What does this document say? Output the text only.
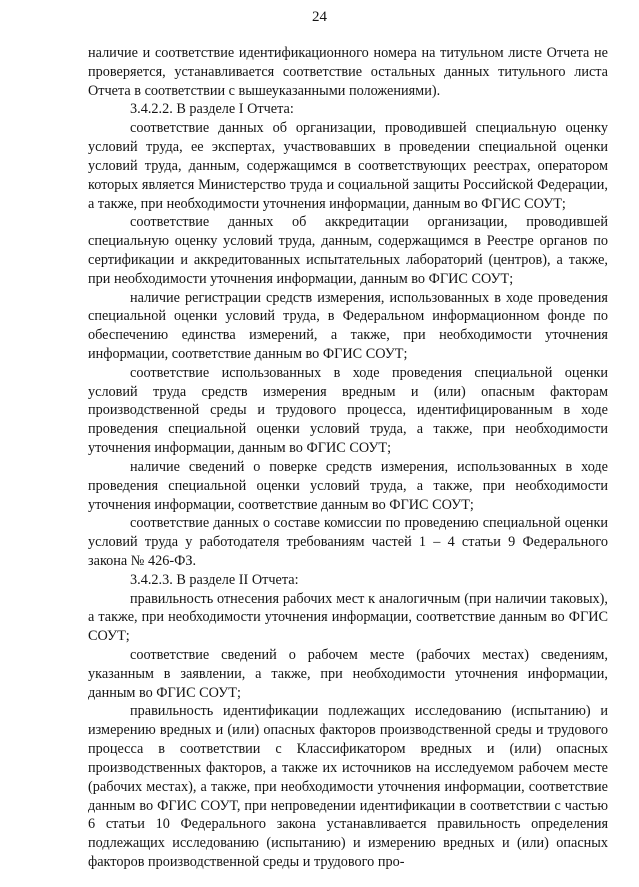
24

наличие и соответствие идентификационного номера на титульном листе Отчета не проверяется, устанавливается соответствие остальных данных титульного листа Отчета в соответствии с вышеуказанными положениями).

3.4.2.2. В разделе I Отчета:

соответствие данных об организации, проводившей специальную оценку условий труда, ее экспертах, участвовавших в проведении специальной оценки условий труда, данным, содержащимся в соответствующих реестрах, оператором которых является Министерство труда и социальной защиты Российской Федерации, а также, при необходимости уточнения информации, данным во ФГИС СОУТ;

соответствие данных об аккредитации организации, проводившей специальную оценку условий труда, данным, содержащимся в Реестре органов по сертификации и аккредитованных испытательных лабораторий (центров), а также, при необходимости уточнения информации, данным во ФГИС СОУТ;

наличие регистрации средств измерения, использованных в ходе проведения специальной оценки условий труда, в Федеральном информационном фонде по обеспечению единства измерений, а также, при необходимости уточнения информации, соответствие данным во ФГИС СОУТ;

соответствие использованных в ходе проведения специальной оценки условий труда средств измерения вредным и (или) опасным факторам производственной среды и трудового процесса, идентифицированным в ходе проведения специальной оценки условий труда, а также, при необходимости уточнения информации, данным во ФГИС СОУТ;

наличие сведений о поверке средств измерения, использованных в ходе проведения специальной оценки условий труда, а также, при необходимости уточнения информации, соответствие данным во ФГИС СОУТ;

соответствие данных о составе комиссии по проведению специальной оценки условий труда у работодателя требованиям частей 1 – 4 статьи 9 Федерального закона № 426-ФЗ.

3.4.2.3. В разделе II Отчета:

правильность отнесения рабочих мест к аналогичным (при наличии таковых), а также, при необходимости уточнения информации, соответствие данным во ФГИС СОУТ;

соответствие сведений о рабочем месте (рабочих местах) сведениям, указанным в заявлении, а также, при необходимости уточнения информации, данным во ФГИС СОУТ;

правильность идентификации подлежащих исследованию (испытанию) и измерению вредных и (или) опасных факторов производственной среды и трудового процесса в соответствии с Классификатором вредных и (или) опасных производственных факторов, а также их источников на исследуемом рабочем месте (рабочих местах), а также, при необходимости уточнения информации, соответствие данным во ФГИС СОУТ, при непроведении идентификации в соответствии с частью 6 статьи 10 Федерального закона устанавливается правильность определения подлежащих исследованию (испытанию) и измерению вредных и (или) опасных факторов производственной среды и трудового про-
